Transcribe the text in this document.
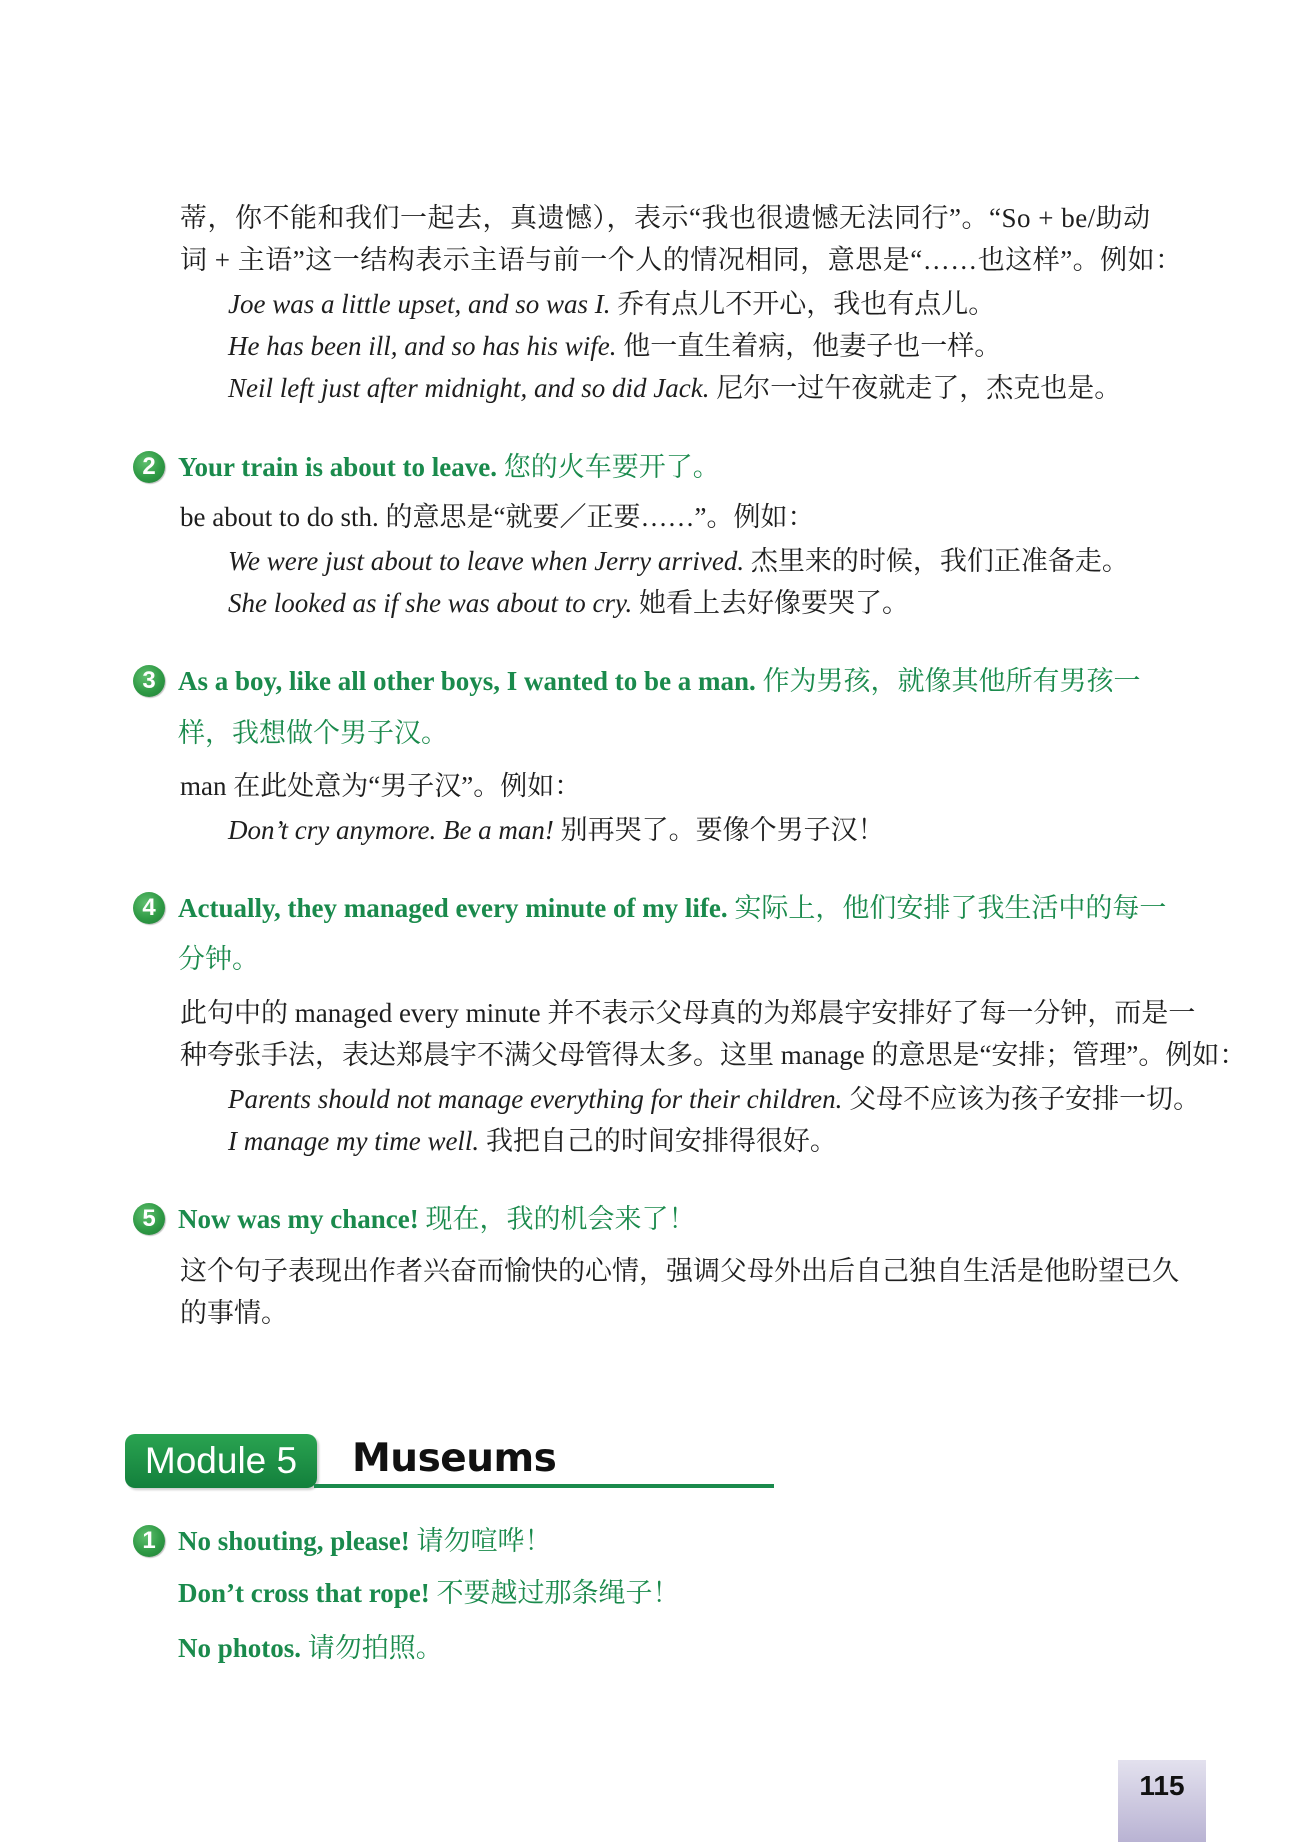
蒂，你不能和我们一起去，真遗憾），表示“我也很遗憾无法同行”。“So + be/助动
词 + 主语”这一结构表示主语与前一个人的情况相同，意思是“……也这样”。例如：
Joe was a little upset, and so was I. 乔有点儿不开心，我也有点儿。
He has been ill, and so has his wife. 他一直生着病，他妻子也一样。
Neil left just after midnight, and so did Jack. 尼尔一过午夜就走了，杰克也是。
2 Your train is about to leave. 您的火车要开了。
be about to do sth. 的意思是“就要／正要……”。例如：
We were just about to leave when Jerry arrived. 杰里来的时候，我们正准备走。
She looked as if she was about to cry. 她看上去好像要哭了。
3 As a boy, like all other boys, I wanted to be a man. 作为男孩，就像其他所有男孩一
样，我想做个男子汉。
man 在此处意为“男子汉”。例如：
Don’t cry anymore. Be a man! 别再哭了。要像个男子汉！
4 Actually, they managed every minute of my life. 实际上，他们安排了我生活中的每一
分钟。
此句中的 managed every minute 并不表示父母真的为郑晨宇安排好了每一分钟，而是一
种夸张手法，表达郑晨宇不满父母管得太多。这里 manage 的意思是“安排；管理”。例如：
Parents should not manage everything for their children. 父母不应该为孩子安排一切。
I manage my time well. 我把自己的时间安排得很好。
5 Now was my chance! 现在，我的机会来了！
这个句子表现出作者兴奋而愉快的心情，强调父母外出后自己独自生活是他盼望已久
的事情。
Module 5	Museums
1 No shouting, please! 请勿喧哗！
Don’t cross that rope! 不要越过那条绳子！
No photos. 请勿拍照。
115
